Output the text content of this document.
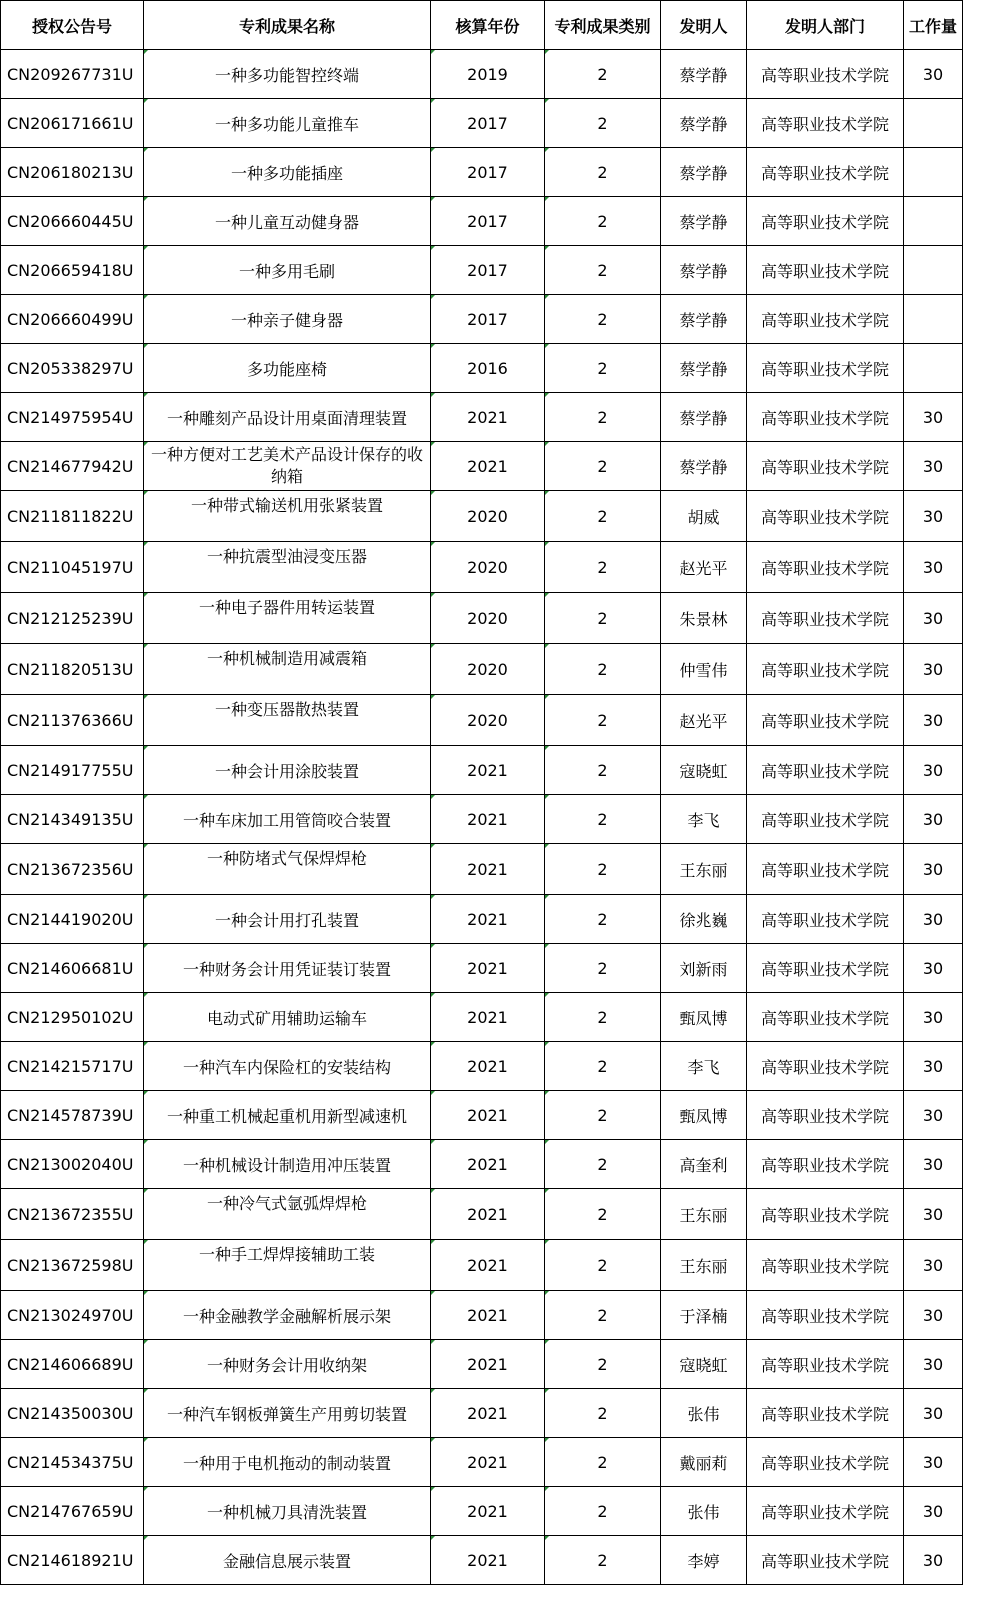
授权公告号	专利成果名称	核算年份	专利成果类别	发明人	发明人部门	工作量
CN209267731U	一种多功能智控终端	2019	2	蔡学静	高等职业技术学院	30
CN206171661U	一种多功能儿童推车	2017	2	蔡学静	高等职业技术学院	
CN206180213U	一种多功能插座	2017	2	蔡学静	高等职业技术学院	
CN206660445U	一种儿童互动健身器	2017	2	蔡学静	高等职业技术学院	
CN206659418U	一种多用毛刷	2017	2	蔡学静	高等职业技术学院	
CN206660499U	一种亲子健身器	2017	2	蔡学静	高等职业技术学院	
CN205338297U	多功能座椅	2016	2	蔡学静	高等职业技术学院	
CN214975954U	一种雕刻产品设计用桌面清理装置	2021	2	蔡学静	高等职业技术学院	30
CN214677942U	一种方便对工艺美术产品设计保存的收纳箱	2021	2	蔡学静	高等职业技术学院	30
CN211811822U	一种带式输送机用张紧装置	2020	2	胡威	高等职业技术学院	30
CN211045197U	一种抗震型油浸变压器	2020	2	赵光平	高等职业技术学院	30
CN212125239U	一种电子器件用转运装置	2020	2	朱景林	高等职业技术学院	30
CN211820513U	一种机械制造用减震箱	2020	2	仲雪伟	高等职业技术学院	30
CN211376366U	一种变压器散热装置	2020	2	赵光平	高等职业技术学院	30
CN214917755U	一种会计用涂胶装置	2021	2	寇晓虹	高等职业技术学院	30
CN214349135U	一种车床加工用管筒咬合装置	2021	2	李飞	高等职业技术学院	30
CN213672356U	一种防堵式气保焊焊枪	2021	2	王东丽	高等职业技术学院	30
CN214419020U	一种会计用打孔装置	2021	2	徐兆巍	高等职业技术学院	30
CN214606681U	一种财务会计用凭证装订装置	2021	2	刘新雨	高等职业技术学院	30
CN212950102U	电动式矿用辅助运输车	2021	2	甄凤博	高等职业技术学院	30
CN214215717U	一种汽车内保险杠的安装结构	2021	2	李飞	高等职业技术学院	30
CN214578739U	一种重工机械起重机用新型减速机	2021	2	甄凤博	高等职业技术学院	30
CN213002040U	一种机械设计制造用冲压装置	2021	2	高奎利	高等职业技术学院	30
CN213672355U	一种冷气式氩弧焊焊枪	2021	2	王东丽	高等职业技术学院	30
CN213672598U	一种手工焊焊接辅助工装	2021	2	王东丽	高等职业技术学院	30
CN213024970U	一种金融教学金融解析展示架	2021	2	于泽楠	高等职业技术学院	30
CN214606689U	一种财务会计用收纳架	2021	2	寇晓虹	高等职业技术学院	30
CN214350030U	一种汽车钢板弹簧生产用剪切装置	2021	2	张伟	高等职业技术学院	30
CN214534375U	一种用于电机拖动的制动装置	2021	2	戴丽莉	高等职业技术学院	30
CN214767659U	一种机械刀具清洗装置	2021	2	张伟	高等职业技术学院	30
CN214618921U	金融信息展示装置	2021	2	李婷	高等职业技术学院	30
